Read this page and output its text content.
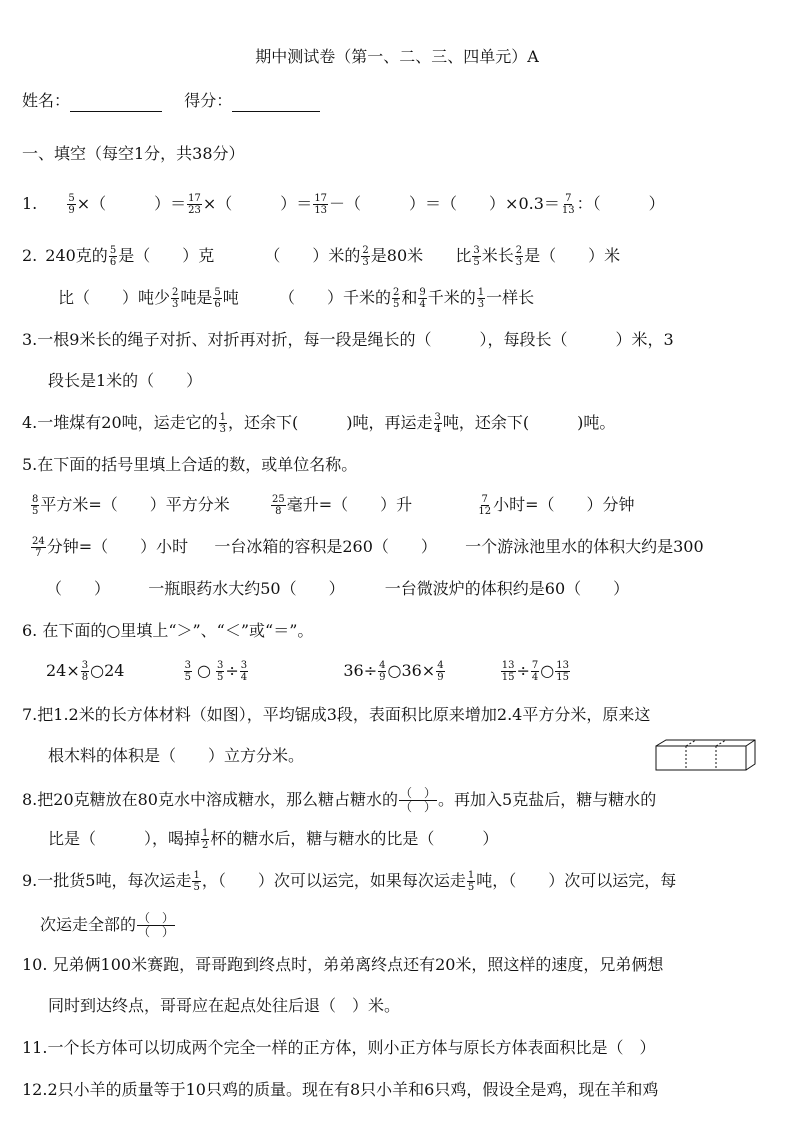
期中测试卷（第一、二、三、四单元）A
姓名：	得分：
一、填空（每空1分，共38分）
1.	$\frac{5}{9}$ ×（　　　）＝ $\frac{17}{23}$ ×（　　　）＝ $\frac{17}{13}$ －（　　　）＝（　　）$\times 0.3= \frac{7}{13}$ ：（　　　）
2. 240克的 $\frac{5}{6}$ 是（　　）克	（　　）米的 $\frac{2}{3}$ 是80米 比 $\frac{3}{5}$ 米长 $\frac{2}{3}$ 是（　　）米
比（　　）吨少 $\frac{2}{3}$ 吨是 $\frac{5}{6}$ 吨	（　　）千米的 $\frac{2}{5}$ 和 $\frac{9}{4}$ 千米的 $\frac{1}{3}$ 一样长
3.一根9米长的绳子对折、对折再对折，每一段是绳长的（　　　），每段长（　　　）米，3
段长是1米的（　　）
4.一堆煤有20吨，运走它的 $\frac{1}{3}$ ，还余下(　　　)吨，再运走 $\frac{3}{4}$ 吨，还余下(　　　)吨。
5.在下面的括号里填上合适的数，或单位名称。
$\frac{8}{5}$ 平方米=（　　）平方分米	$\frac{25}{8}$ 毫升=（　　）升	$\frac{7}{12}$ 小时=（　　）分钟
$\frac{24}{7}$ 分钟=（　　）小时 一台冰箱的容积是260（　　） 一个游泳池里水的体积大约是300
（　　） 一瓶眼药水大约50（　　）	一台微波炉的体积约是60（　　）
6. 在下面的○里填上“＞”、“＜”或“＝”。
$24\times \frac{3}{8}$ ○24	$\frac{3}{5}$ ○ $\frac{3}{5} \div \frac{3}{4}$	$36\div \frac{4}{9}$ ○36× $\frac{4}{9}$
	$\frac{13}{15} \div \frac{7}{4}$ ○ $\frac{13}{15}$
7.把1.2米的长方体材料（如图），平均锯成3段，表面积比原来增加2.4平方分米，原来这
根木料的体积是（　　）立方分米。
8.把20克糖放在80克水中溶成糖水，那么糖占糖水的 $\frac{( )}{( )}$ 。再加入5克盐后，糖与糖水的
比是（　　　），喝掉 $\frac{1}{2}$ 杯的糖水后，糖与糖水的比是（　　　）
9.一批货5吨，每次运走 $\frac{1}{5}$ ，（　　）次可以运完，如果每次运走 $\frac{1}{5}$ 吨，（　　）次可以运完，每
次运走全部的 $\frac{( )}{( )}$
10. 兄弟俩100米赛跑，哥哥跑到终点时，弟弟离终点还有20米，照这样的速度，兄弟俩想
同时到达终点，哥哥应在起点处往后退（　）米。
11.一个长方体可以切成两个完全一样的正方体，则小正方体与原长方体表面积比是（　）
12.2只小羊的质量等于10只鸡的质量。现在有8只小羊和6只鸡，假设全是鸡，现在羊和鸡
